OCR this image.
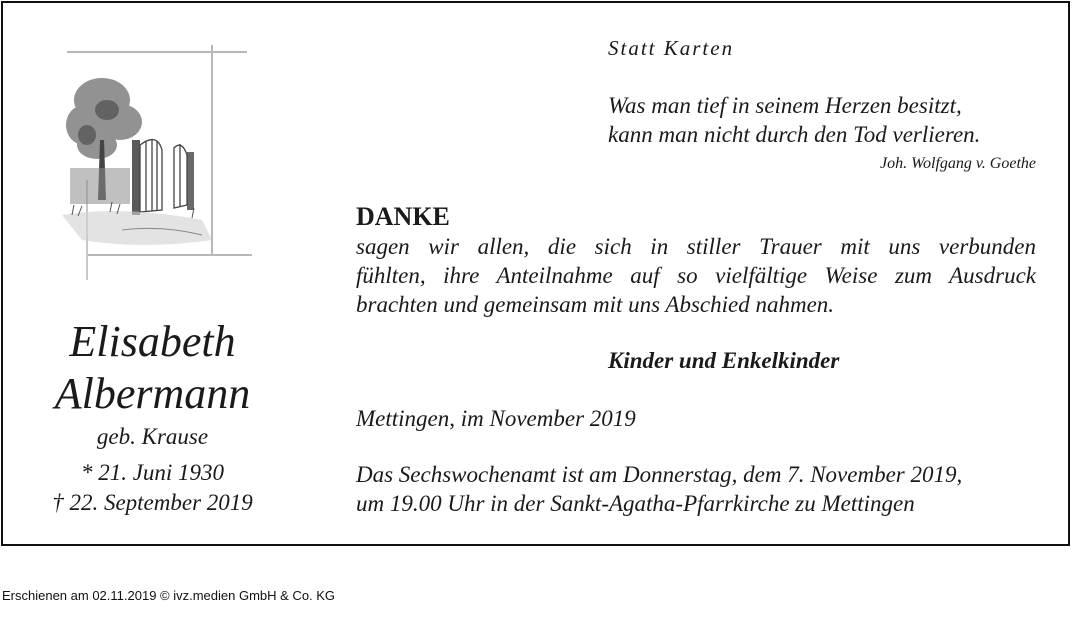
Elisabeth
Albermann
geb. Krause
* 21. Juni 1930
† 22. September 2019
Statt Karten
Was man tief in seinem Herzen besitzt,
kann man nicht durch den Tod verlieren.
Joh. Wolfgang v. Goethe
DANKE
sagen wir allen, die sich in stiller Trauer mit uns verbunden
fühlten, ihre Anteilnahme auf so vielfältige Weise zum Ausdruck
brachten und gemeinsam mit uns Abschied nahmen.
Kinder und Enkelkinder
Mettingen, im November 2019
Das Sechswochenamt ist am Donnerstag, dem 7. November 2019,
um 19.00 Uhr in der Sankt-Agatha-Pfarrkirche zu Mettingen
Erschienen am 02.11.2019 © ivz.medien GmbH & Co. KG
